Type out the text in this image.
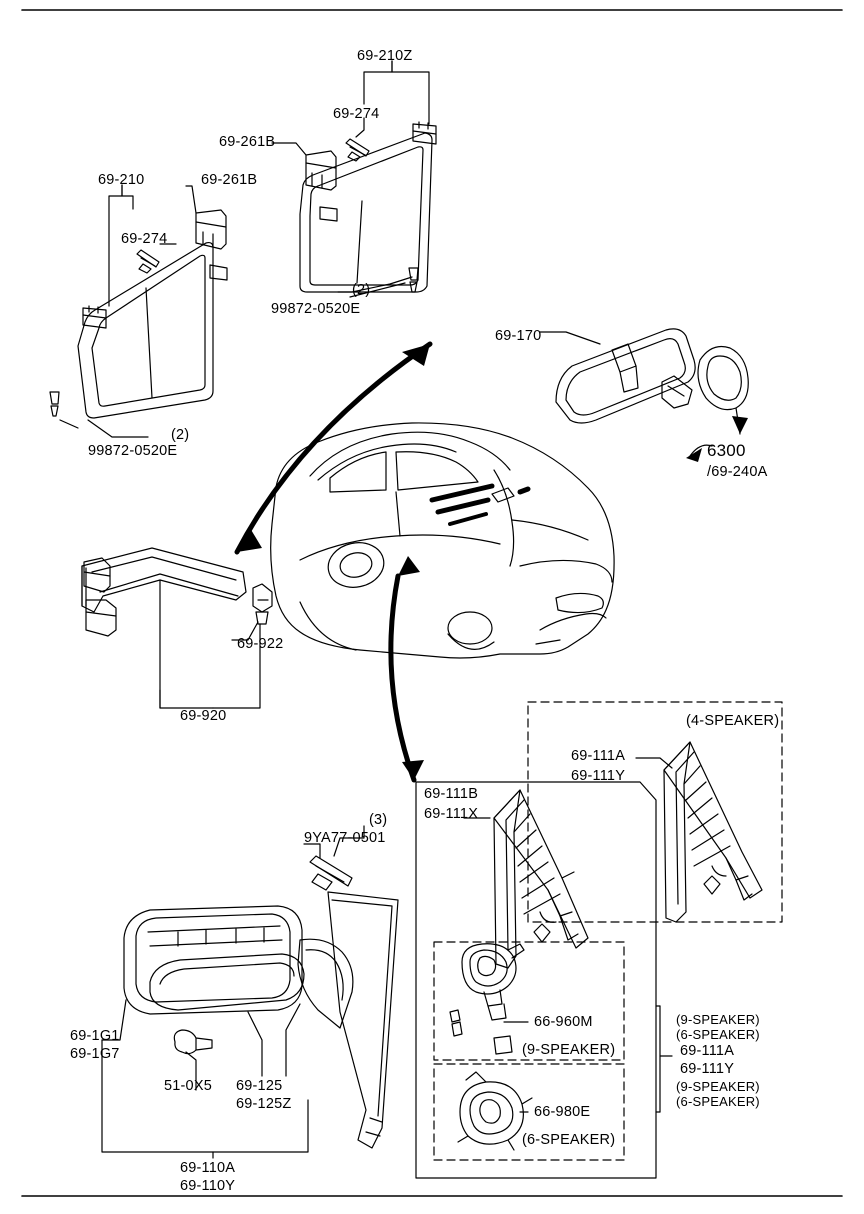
69-210Z
69-274
69-261B
69-210	69-261B
69-274
(2)
99872-0520E
(2)
99872-0520E
69-170
6300
/69-240A
69-922
69-920	(4-SPEAKER)
69-111A
69-111Y
69-111B
69-111X
(3)
9YA77-0501
66-960M
(9-SPEAKER)
66-980E
(6-SPEAKER)
(9-SPEAKER)
(6-SPEAKER)
69-111A
69-111Y
(9-SPEAKER)
(6-SPEAKER)
69-1G1
69-1G7
51-0X5 69-125
69-125Z
69-110A
69-110Y
